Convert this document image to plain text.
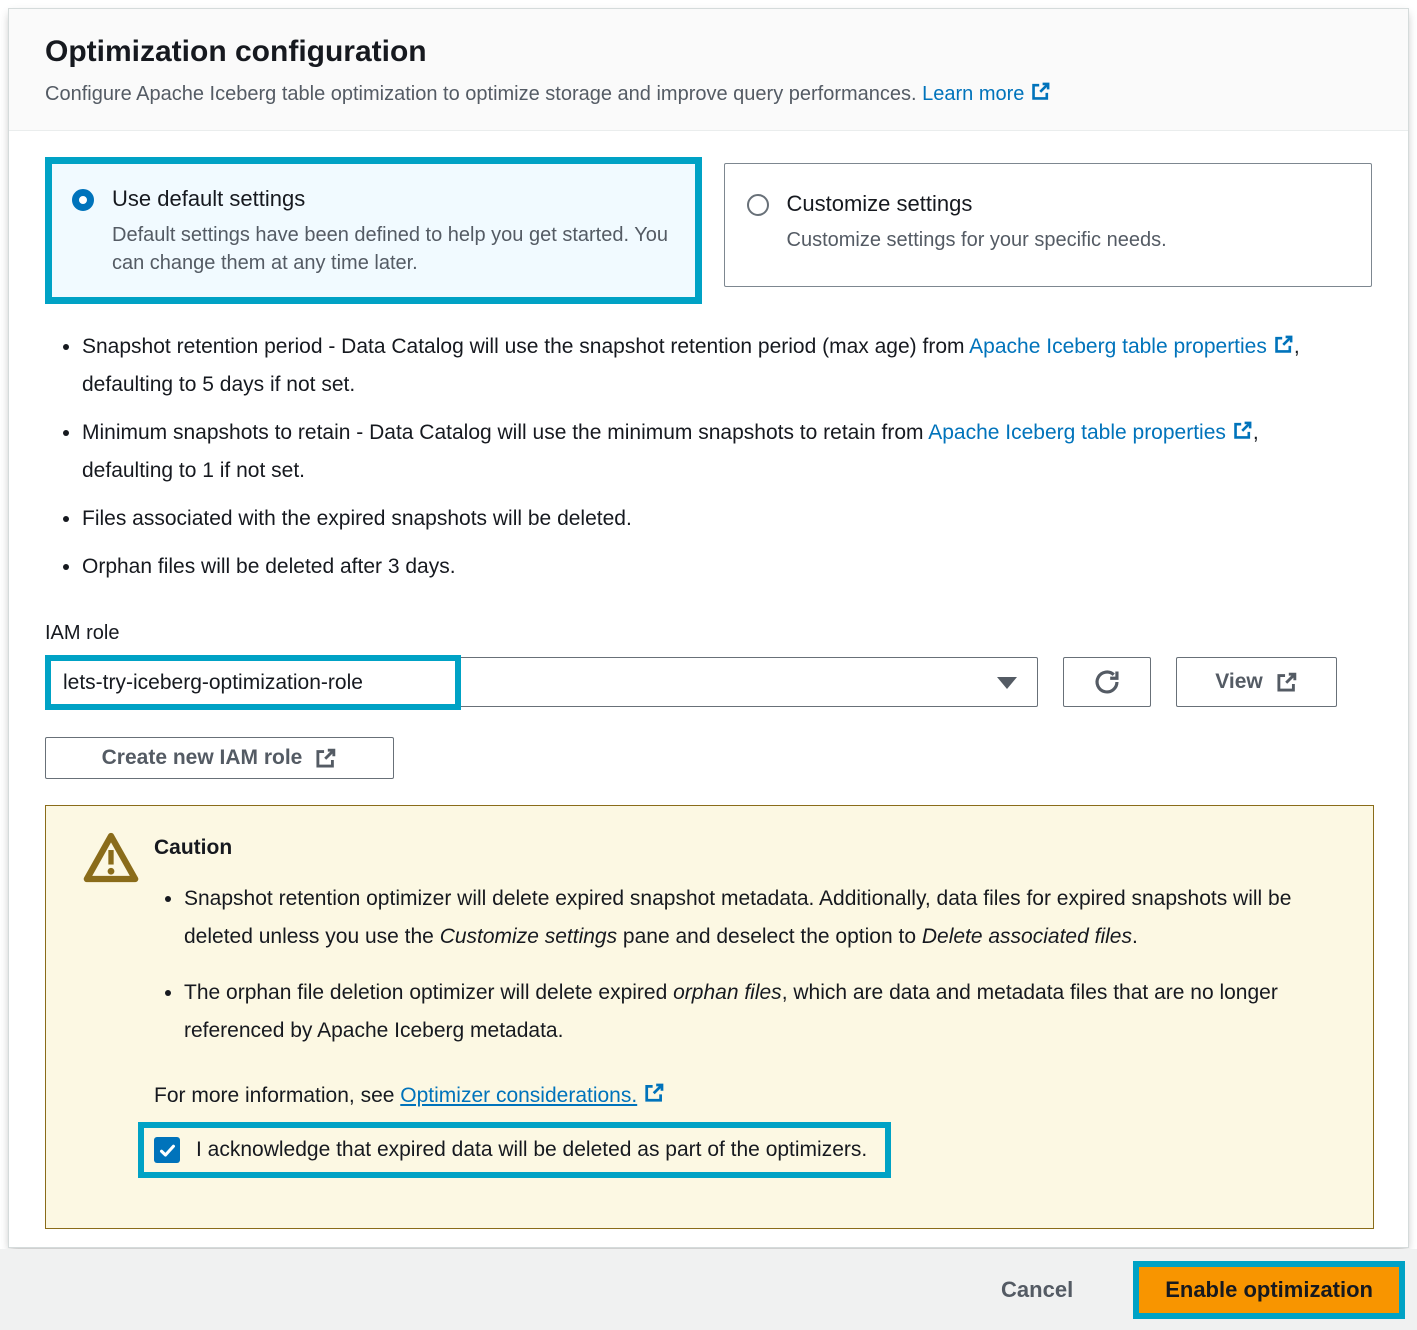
Optimization configuration

Configure Apache Iceberg table optimization to optimize storage and improve query performances. Learn more

Use default settings
Default settings have been defined to help you get started. You can change them at any time later.
Customize settings
Customize settings for your specific needs.
• Snapshot retention period - Data Catalog will use the snapshot retention period (max age) from Apache Iceberg table properties , defaulting to 5 days if not set.
• Minimum snapshots to retain - Data Catalog will use the minimum snapshots to retain from Apache Iceberg table properties , defaulting to 1 if not set.
• Files associated with the expired snapshots will be deleted.
• Orphan files will be deleted after 3 days.
IAM role
lets-try-iceberg-optimization-role	View
Create new IAM role
Caution
• Snapshot retention optimizer will delete expired snapshot metadata. Additionally, data files for expired snapshots will be deleted unless you use the Customize settings pane and deselect the option to Delete associated files.
• The orphan file deletion optimizer will delete expired orphan files, which are data and metadata files that are no longer referenced by Apache Iceberg metadata.

For more information, see Optimizer considerations.

I acknowledge that expired data will be deleted as part of the optimizers.
Cancel	Enable optimization
